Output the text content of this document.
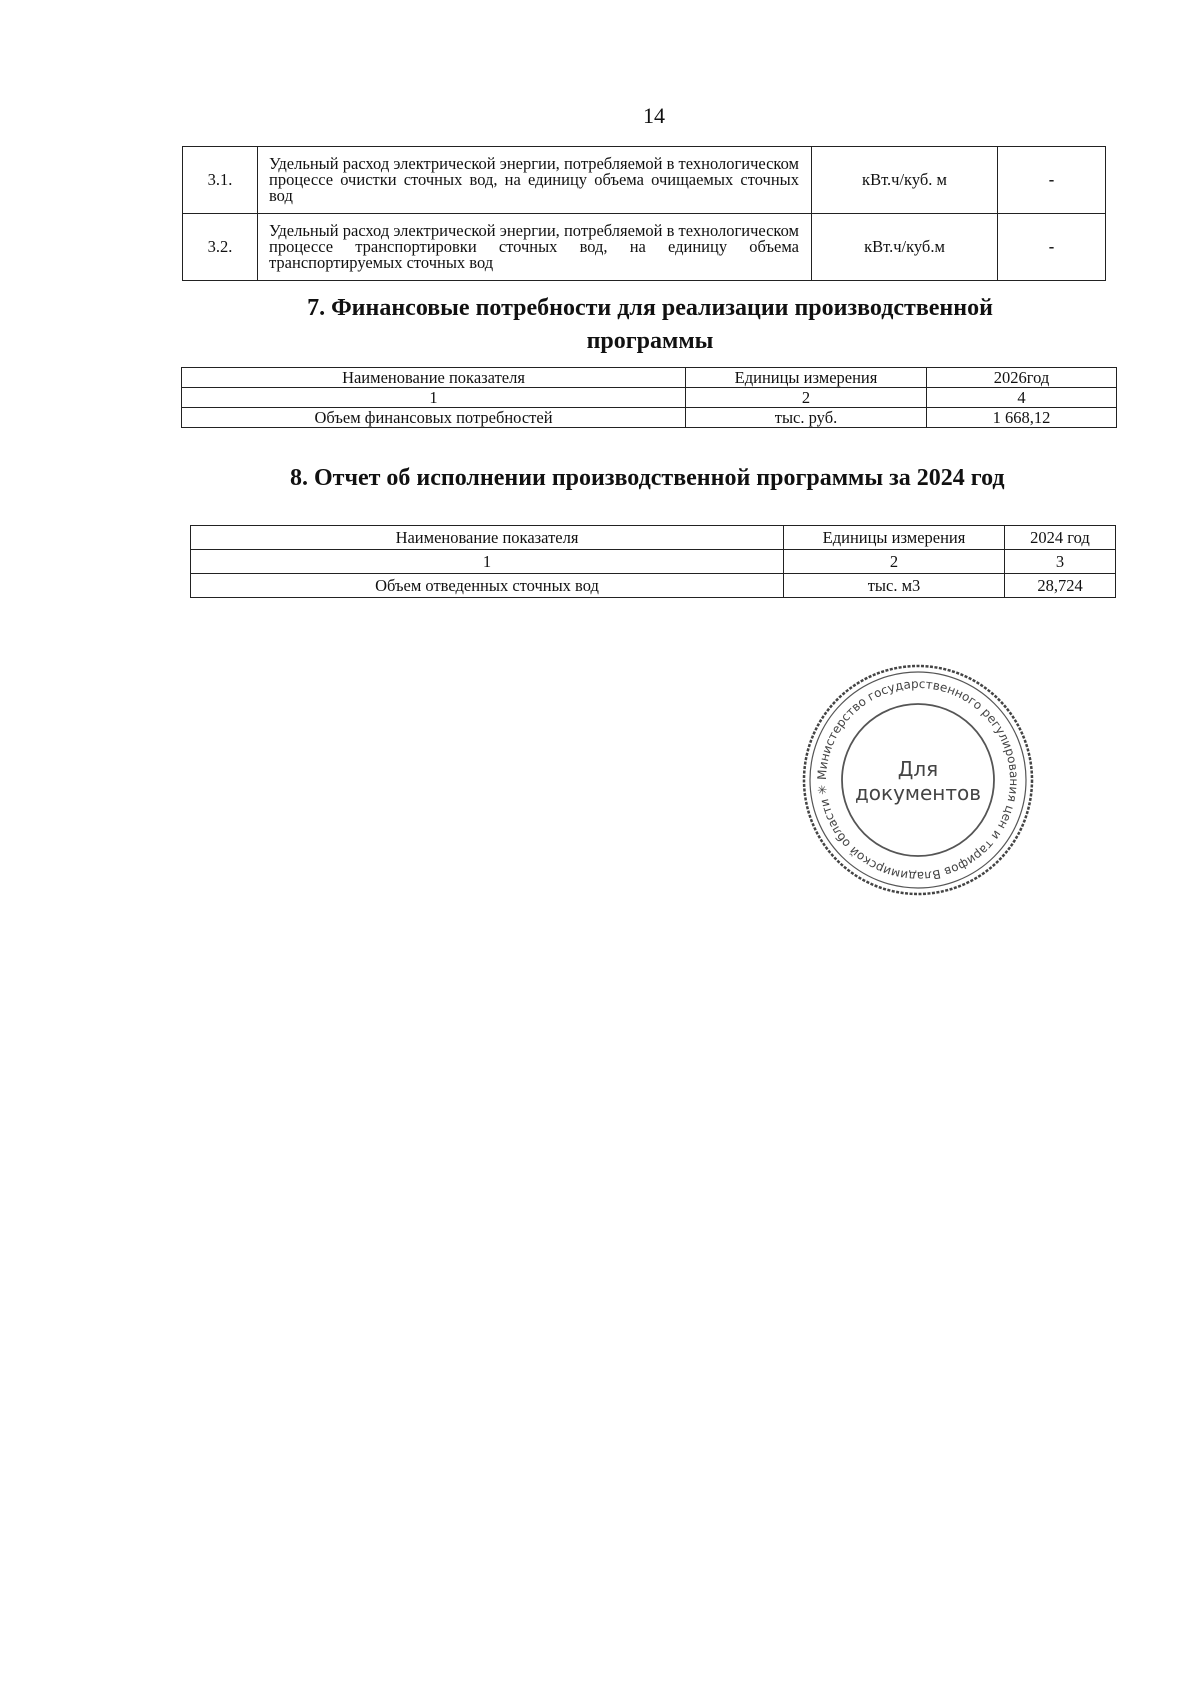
14
3.1.	Удельный расход электрической энергии, потребляемой в технологическом процессе очистки сточных вод, на единицу объема очищаемых сточных вод	кВт.ч/куб. м	-
3.2.	Удельный расход электрической энергии, потребляемой в технологическом процессе транспортировки сточных вод, на единицу объема транспортируемых сточных вод	кВт.ч/куб.м	-
7. Финансовые потребности для реализации производственной
программы
Наименование показателя	Единицы измерения	2026год
1	2	4
Объем финансовых потребностей	тыс. руб.	1 668,12
8. Отчет об исполнении производственной программы за 2024 год
Наименование показателя	Единицы измерения	2024 год
1	2	3
Объем отведенных сточных вод	тыс. м3	28,724
Министерство государственного регулирования цен и тарифов Владимирской области ✳
Для
документов
